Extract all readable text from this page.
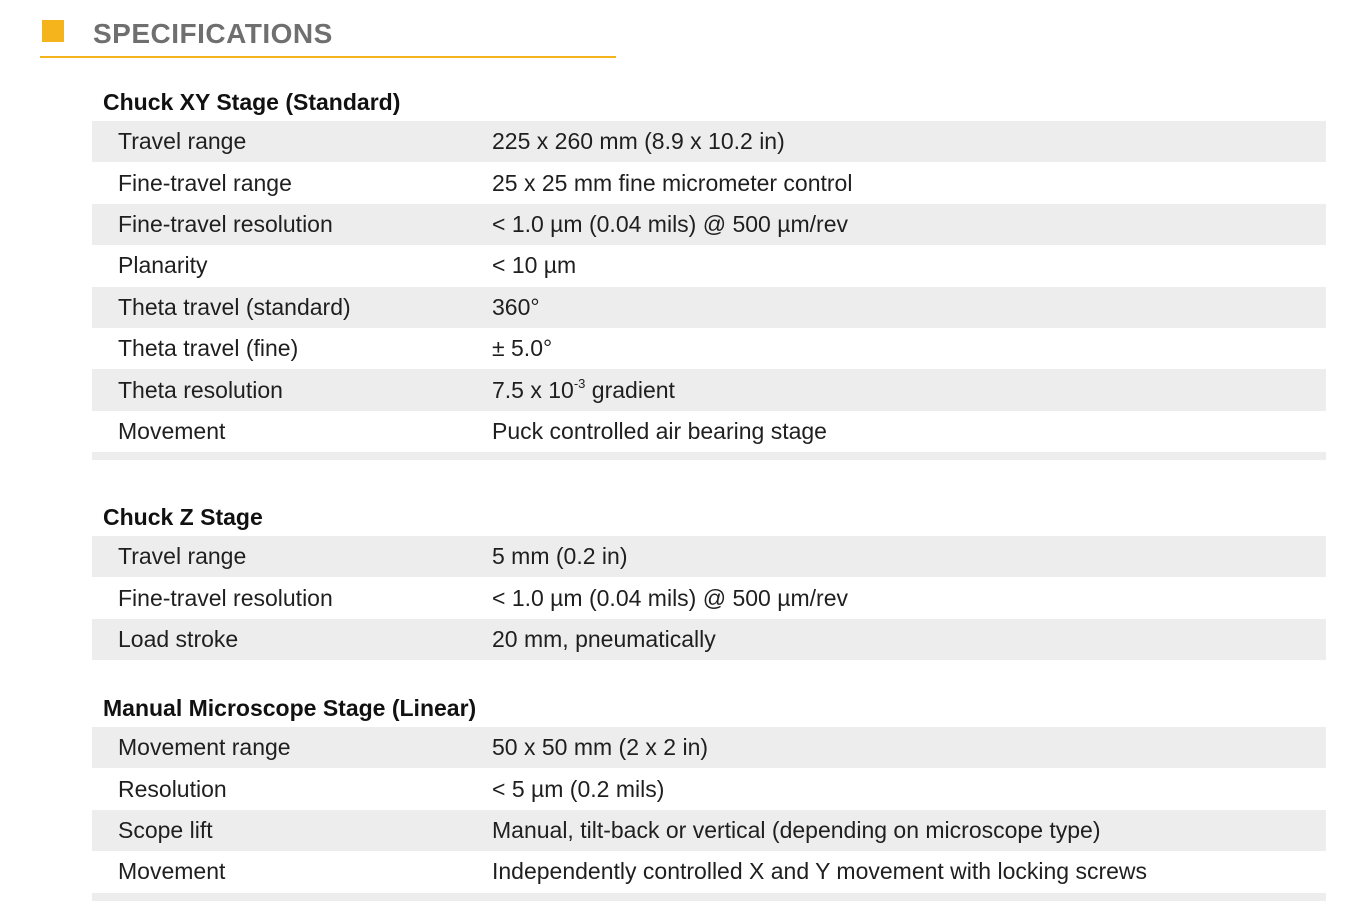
SPECIFICATIONS
Chuck XY Stage (Standard)
Travel range	225 x 260 mm (8.9 x 10.2 in)
Fine-travel range	25 x 25 mm fine micrometer control
Fine-travel resolution	< 1.0 µm (0.04 mils) @ 500 µm/rev
Planarity	< 10 µm
Theta travel (standard)	360°
Theta travel (fine)	± 5.0°
Theta resolution	7.5 x $10^{-3}$ gradient
Movement	Puck controlled air bearing stage
Chuck Z Stage
Travel range	5 mm (0.2 in)
Fine-travel resolution	< 1.0 µm (0.04 mils) @ 500 µm/rev
Load stroke	20 mm, pneumatically
Manual Microscope Stage (Linear)
Movement range	50 x 50 mm (2 x 2 in)
Resolution	< 5 µm (0.2 mils)
Scope lift	Manual, tilt-back or vertical (depending on microscope type)
Movement	Independently controlled X and Y movement with locking screws
